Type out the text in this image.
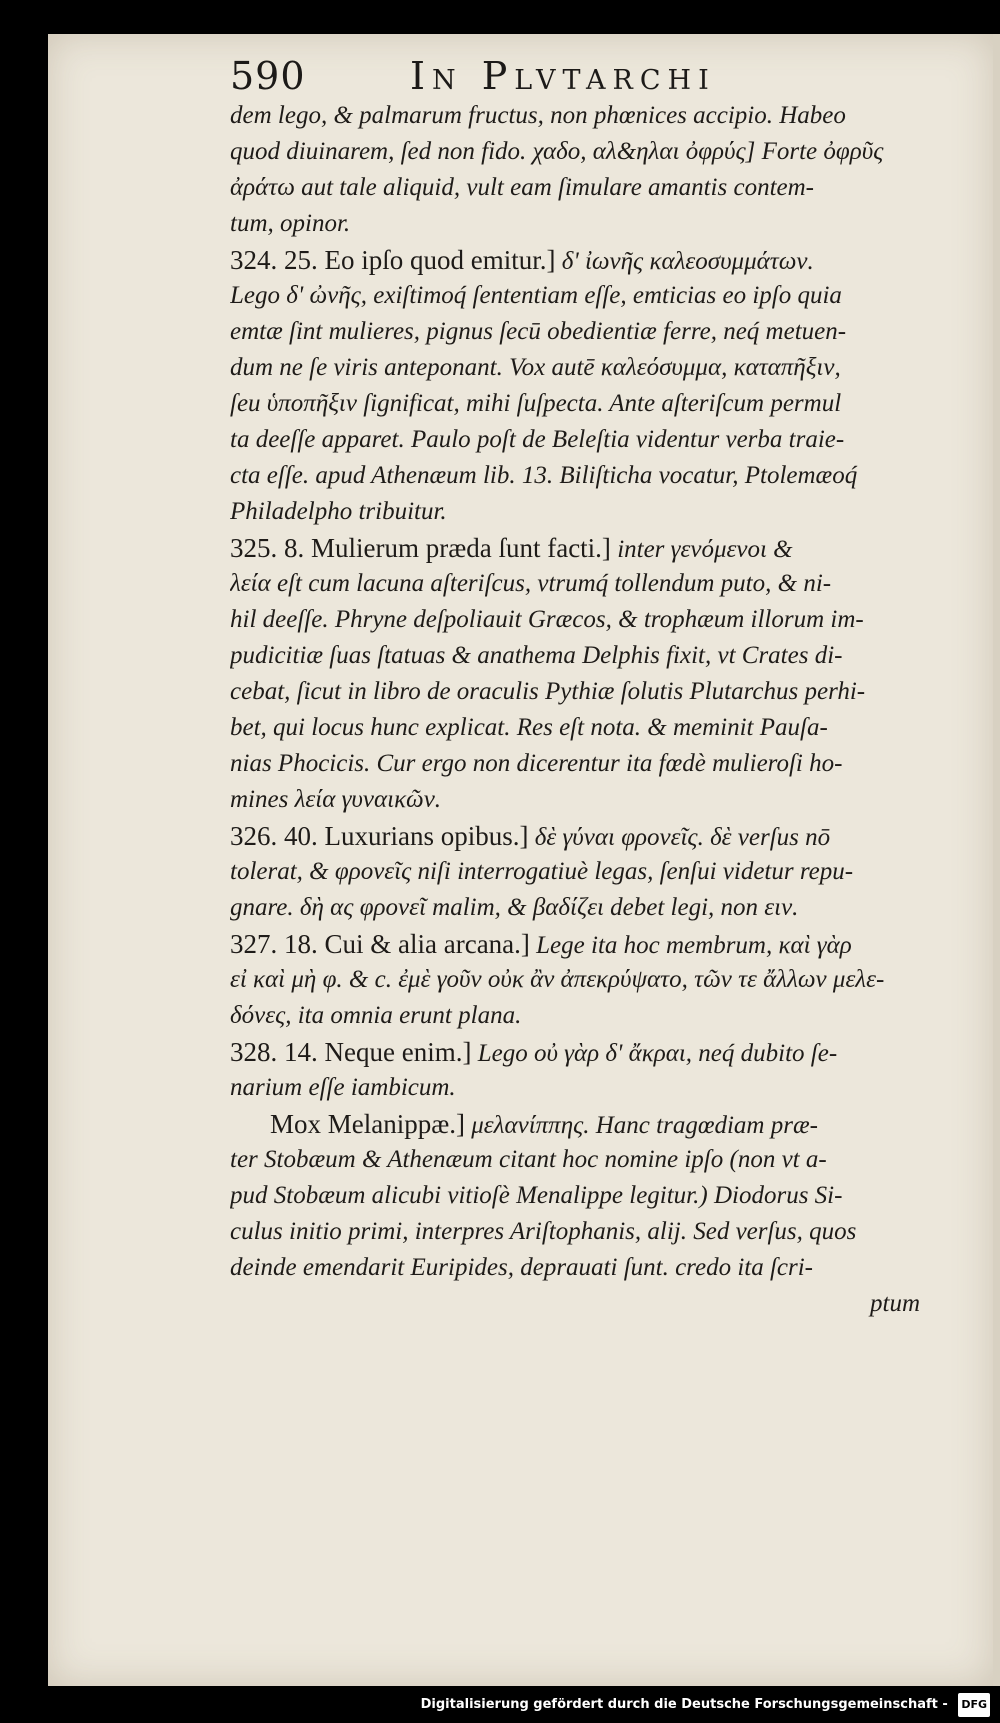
590	In Plvtarchi
dem lego, & palmarum fructus, non phœnices accipio. Habeo
quod diuinarem, ſed non fido. χαδο, αλ&ηλαι ὀφρύς] Forte ὀφρῦς
ἀράτω aut tale aliquid, vult eam ſimulare amantis contem-
tum, opinor.
324. 25. Eo ipſo quod emitur.] δ' ἰωνῆς καλεοσυμμάτων.
Lego δ' ὠνῆς, exiſtimoq́ ſententiam eſſe, emticias eo ipſo quia
emtæ ſint mulieres, pignus ſecū obedientiæ ferre, neq́ metuen-
dum ne ſe viris anteponant. Vox autē καλεόσυμμα, καταπῆξιν,
ſeu ὑποπῆξιν ſignificat, mihi ſuſpecta. Ante aſteriſcum permul
ta deeſſe apparet. Paulo poſt de Beleſtia videntur verba traie-
cta eſſe. apud Athenæum lib. 13. Biliſticha vocatur, Ptolemæoq́
Philadelpho tribuitur.
325. 8. Mulierum præda ſunt facti.] inter γενόμενοι &
λεία eſt cum lacuna aſteriſcus, vtrumq́ tollendum puto, & ni-
hil deeſſe. Phryne deſpoliauit Græcos, & trophæum illorum im-
pudicitiæ ſuas ſtatuas & anathema Delphis fixit, vt Crates di-
cebat, ſicut in libro de oraculis Pythiæ ſolutis Plutarchus perhi-
bet, qui locus hunc explicat. Res eſt nota. & meminit Pauſa-
nias Phocicis. Cur ergo non dicerentur ita fœdè mulieroſi ho-
mines λεία γυναικῶν.
326. 40. Luxurians opibus.] δὲ γύναι φρονεῖς. δὲ verſus nō
tolerat, & φρονεῖς niſi interrogatiuè legas, ſenſui videtur repu-
gnare. δὴ ας φρονεῖ malim, & βαδίζει debet legi, non ειν.
327. 18. Cui & alia arcana.] Lege ita hoc membrum, καὶ γὰρ
εἰ καὶ μὴ φ. & c. ἐμὲ γοῦν οὐκ ἂν ἀπεκρύψατο, τῶν τε ἄλλων μελε-
δόνες, ita omnia erunt plana.
328. 14. Neque enim.] Lego οὐ γὰρ δ' ἄκραι, neq́ dubito ſe-
narium eſſe iambicum.
Mox Melanippæ.] μελανίππης. Hanc tragœdiam præ-
ter Stobæum & Athenæum citant hoc nomine ipſo (non vt a-
pud Stobæum alicubi vitioſè Menalippe legitur.) Diodorus Si-
culus initio primi, interpres Ariſtophanis, alij. Sed verſus, quos
deinde emendarit Euripides, deprauati ſunt. credo ita ſcri-
ptum
Digitalisierung gefördert durch die Deutsche Forschungsgemeinschaft - DFG
